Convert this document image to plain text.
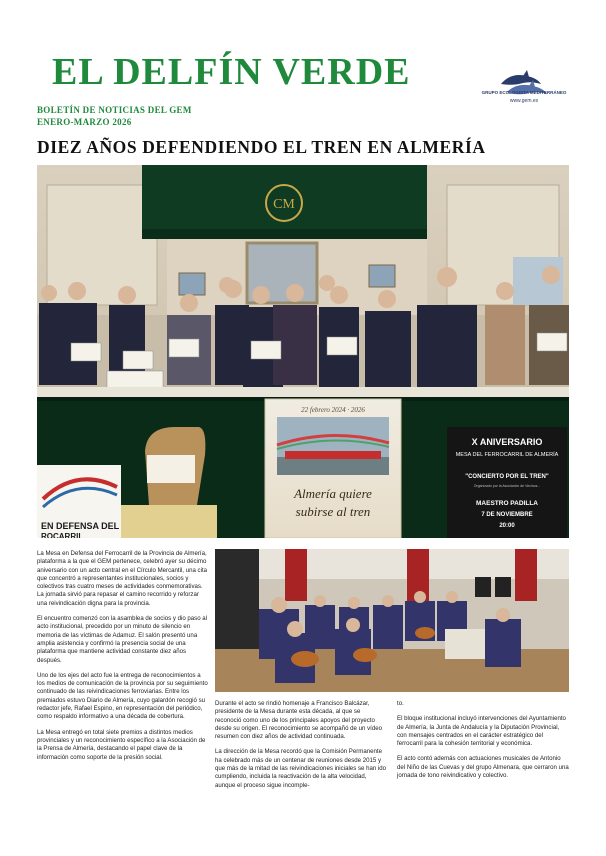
EL DELFÍN VERDE	GRUPO ECOLOGISTA MEDITERRÁNEO
www.gem.es
BOLETÍN DE NOTICIAS DEL GEM
ENERO-MARZO 2026
DIEZ AÑOS DEFENDIENDO EL TREN EN ALMERÍA
CM
EN DEFENSA DEL
ROCARRIL
22 febrero 2024 · 2026
Almería quiere
subirse al tren
X ANIVERSARIO
MESA DEL FERROCARRIL DE ALMERÍA
"CONCIERTO POR EL TREN"
Organizado por la Asociación de Vecinos...
MAESTRO PADILLA
7 DE NOVIEMBRE
20:00

La Mesa en Defensa del Ferrocarril de la Provincia de Almería, plataforma a la que el GEM pertenece, celebró ayer su décimo aniversario con un acto central en el Círculo Mercantil, una cita que concentró a representantes institucionales, socios y colectivos tras cuatro meses de actividades conmemorativas. La jornada sirvió para repasar el camino recorrido y reforzar una reivindicación digna para la provincia.

El encuentro comenzó con la asamblea de socios y dio paso al acto institucional, precedido por un minuto de silencio en memoria de las víctimas de Adamuz. El salón presentó una amplia asistencia y confirmó la presencia social de una plataforma que mantiene actividad constante diez años después.

Uno de los ejes del acto fue la entrega de reconocimientos a los medios de comunicación de la provincia por su seguimiento continuado de las reivindicaciones ferroviarias. Entre los premiados estuvo Diario de Almería, cuyo galardón recogió su redactor jefe, Rafael Espino, en representación del periódico, como respaldo informativo a una década de cobertura.

La Mesa entregó en total siete premios a distintos medios provinciales y un reconocimiento específico a la Asociación de la Prensa de Almería, destacando el papel clave de la información como soporte de la presión social.

Durante el acto se rindió homenaje a Francisco Balcázar, presidente de la Mesa durante esta década, al que se reconoció como uno de los principales apoyos del proyecto desde su origen. El reconocimiento se acompañó de un vídeo resumen con diez años de actividad continuada.

La dirección de la Mesa recordó que la Comisión Permanente ha celebrado más de un centenar de reuniones desde 2015 y que más de la mitad de las reivindicaciones iniciales se han ido cumpliendo, incluida la reactivación de la alta velocidad, aunque el proceso sigue incomple-

to.

El bloque institucional incluyó intervenciones del Ayuntamiento de Almería, la Junta de Andalucía y la Diputación Provincial, con mensajes centrados en el carácter estratégico del ferrocarril para la cohesión territorial y económica.

El acto contó además con actuaciones musicales de Antonio del Niño de las Cuevas y del grupo Almenara, que cerraron una jornada de tono reivindicativo y colectivo.
